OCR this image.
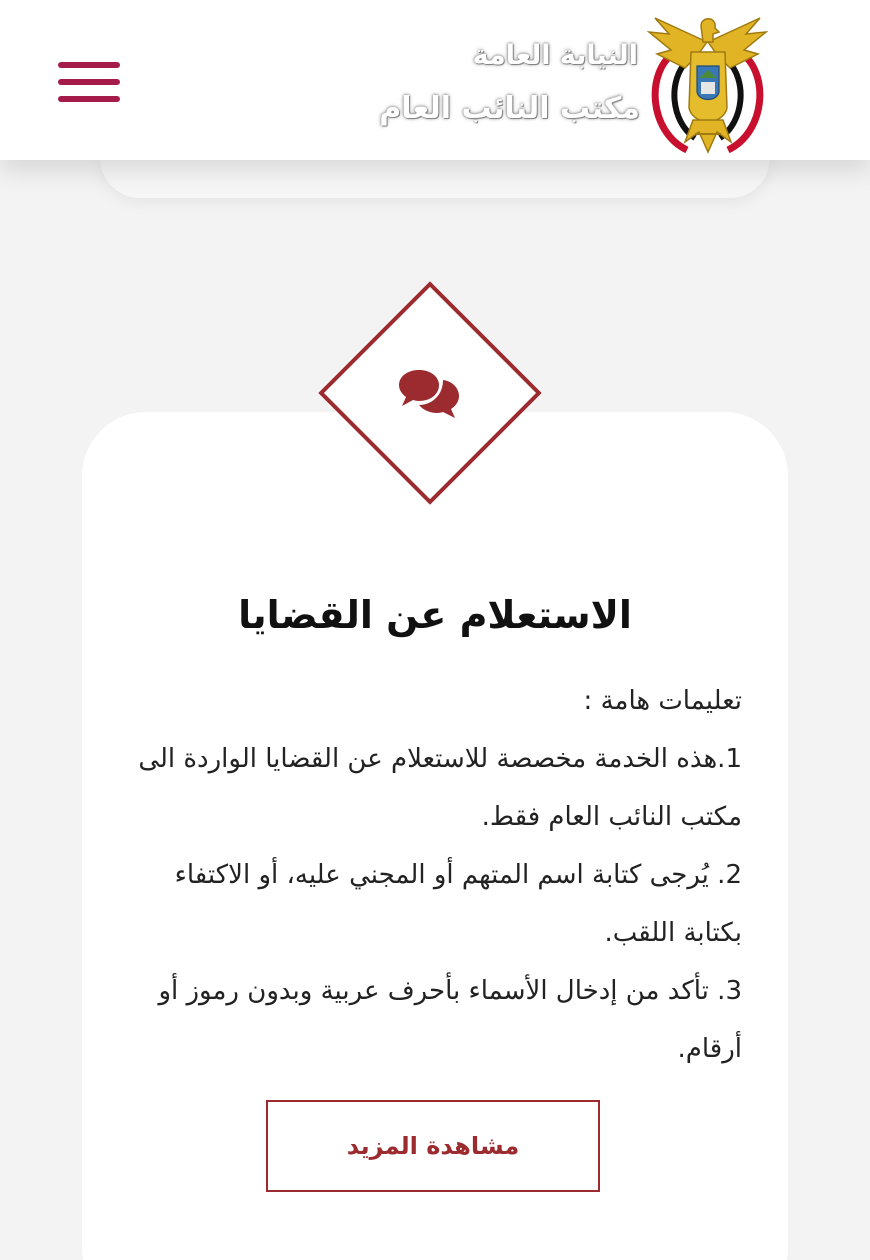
النيابة العامة
مكتب النائب العام
الاستعلام عن القضايا

تعليمات هامة :

1.هذه الخدمة مخصصة للاستعلام عن القضايا الواردة الى مكتب النائب العام فقط.

2. يُرجى كتابة اسم المتهم أو المجني عليه، أو الاكتفاء بكتابة اللقب.

3. تأكد من إدخال الأسماء بأحرف عربية وبدون رموز أو أرقام.

مشاهدة المزيد
